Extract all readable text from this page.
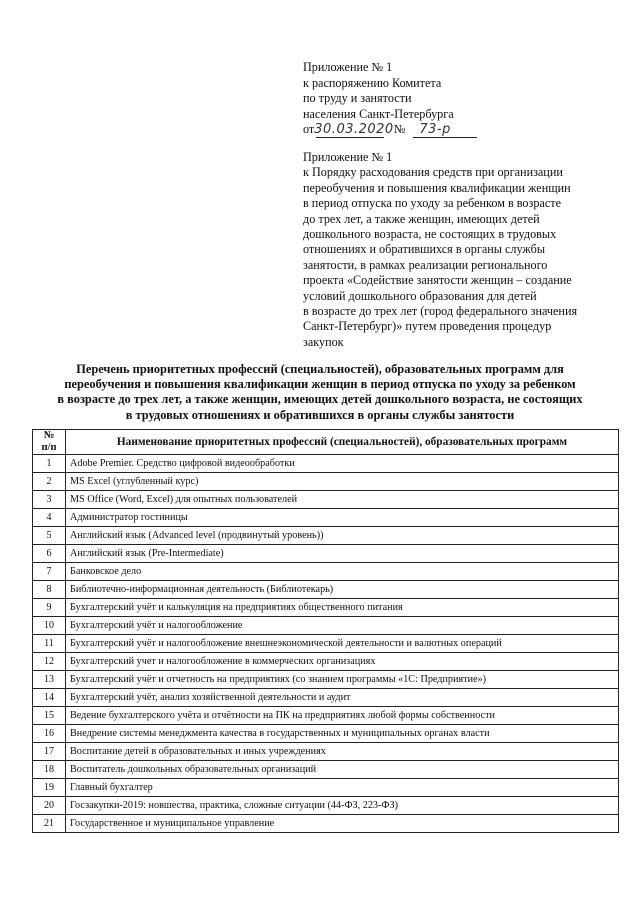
Приложение № 1
к распоряжению Комитета
по труду и занятости
населения Санкт-Петербурга
от30.03.2020№ 73-р
Приложение № 1
к Порядку расходования средств при организации
переобучения и повышения квалификации женщин
в период отпуска по уходу за ребенком в возрасте
до трех лет, а также женщин, имеющих детей
дошкольного возраста, не состоящих в трудовых
отношениях и обратившихся в органы службы
занятости, в рамках реализации регионального
проекта «Содействие занятости женщин – создание
условий дошкольного образования для детей
в возрасте до трех лет (город федерального значения
Санкт-Петербург)» путем проведения процедур
закупок
Перечень приоритетных профессий (специальностей), образовательных программ для
переобучения и повышения квалификации женщин в период отпуска по уходу за ребенком
в возрасте до трех лет, а также женщин, имеющих детей дошкольного возраста, не состоящих
в трудовых отношениях и обратившихся в органы службы занятости
№
п/п	Наименование приоритетных профессий (специальностей), образовательных программ
1	Adobe Premier. Средство цифровой видеообработки
2	MS Excel (углубленный курс)
3	MS Office (Word, Excel) для опытных пользователей
4	Администратор гостиницы
5	Английский язык (Advanced level (продвинутый уровень))
6	Английский язык (Pre-Intermediate)
7	Банковское дело
8	Библиотечно-информационная деятельность (Библиотекарь)
9	Бухгалтерский учёт и калькуляция на предприятиях общественного питания
10	Бухгалтерский учёт и налогообложение
11	Бухгалтерский учёт и налогообложение внешнеэкономической деятельности и валютных операций
12	Бухгалтерский учет и налогообложение в коммерческих организациях
13	Бухгалтерский учёт и отчетность на предприятиях (со знанием программы «1С: Предприятие»)
14	Бухгалтерский учёт, анализ хозяйственной деятельности и аудит
15	Ведение бухгалтерского учёта и отчётности на ПК на предприятиях любой формы собственности
16	Внедрение системы менеджмента качества в государственных и муниципальных органах власти
17	Воспитание детей в образовательных и иных учреждениях
18	Воспитатель дошкольных образовательных организаций
19	Главный бухгалтер
20	Госзакупки-2019: новшества, практика, сложные ситуации (44-ФЗ, 223-ФЗ)
21	Государственное и муниципальное управление
